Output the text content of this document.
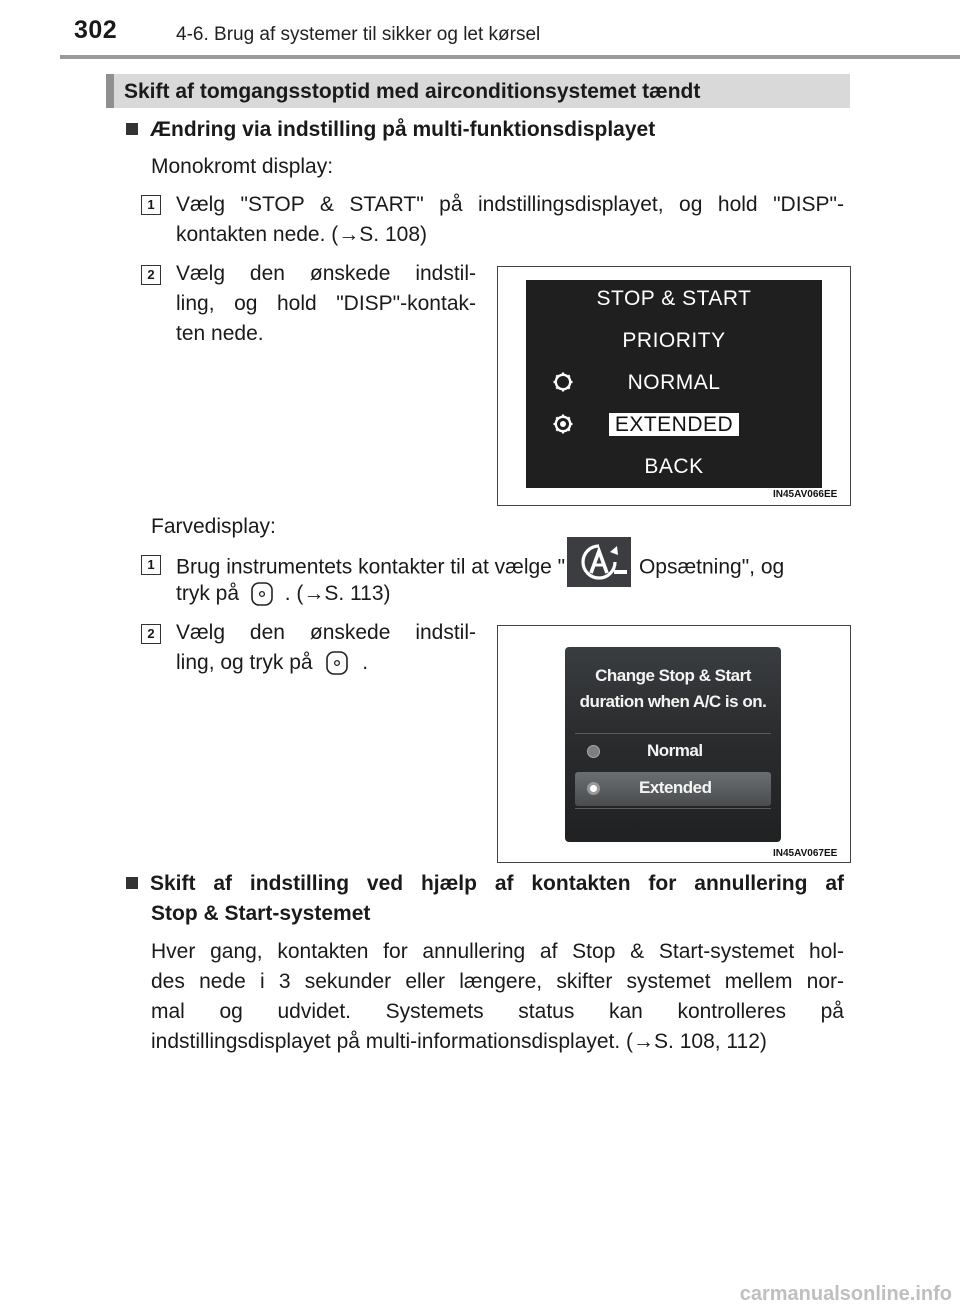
302	4-6. Brug af systemer til sikker og let kørsel
Skift af tomgangsstoptid med airconditionsystemet tændt
Ændring via indstilling på multi-funktionsdisplayet
Monokromt display:
1	Vælg "STOP & START" på indstillingsdisplayet, og hold "DISP"-
kontakten nede. (→S. 108)
2	Vælg den ønskede indstil-
ling, og hold "DISP"-kontak-
ten nede.
STOP & START
PRIORITY
NORMAL
EXTENDED
BACK
IN45AV066EE
Farvedisplay:
1	Brug instrumentets kontakter til at vælge "	Opsætning", og
tryk på . (→S. 113)
2	Vælg den ønskede indstil-
ling, og tryk på .
Change Stop & Start
duration when A/C is on.
Normal
Extended
IN45AV067EE
Skift af indstilling ved hjælp af kontakten for annullering af
Stop & Start-systemet
Hver gang, kontakten for annullering af Stop & Start-systemet hol-
des nede i 3 sekunder eller længere, skifter systemet mellem nor-
mal og udvidet. Systemets status kan kontrolleres på
indstillingsdisplayet på multi-informationsdisplayet. (→S. 108, 112)
carmanualsonline.info
